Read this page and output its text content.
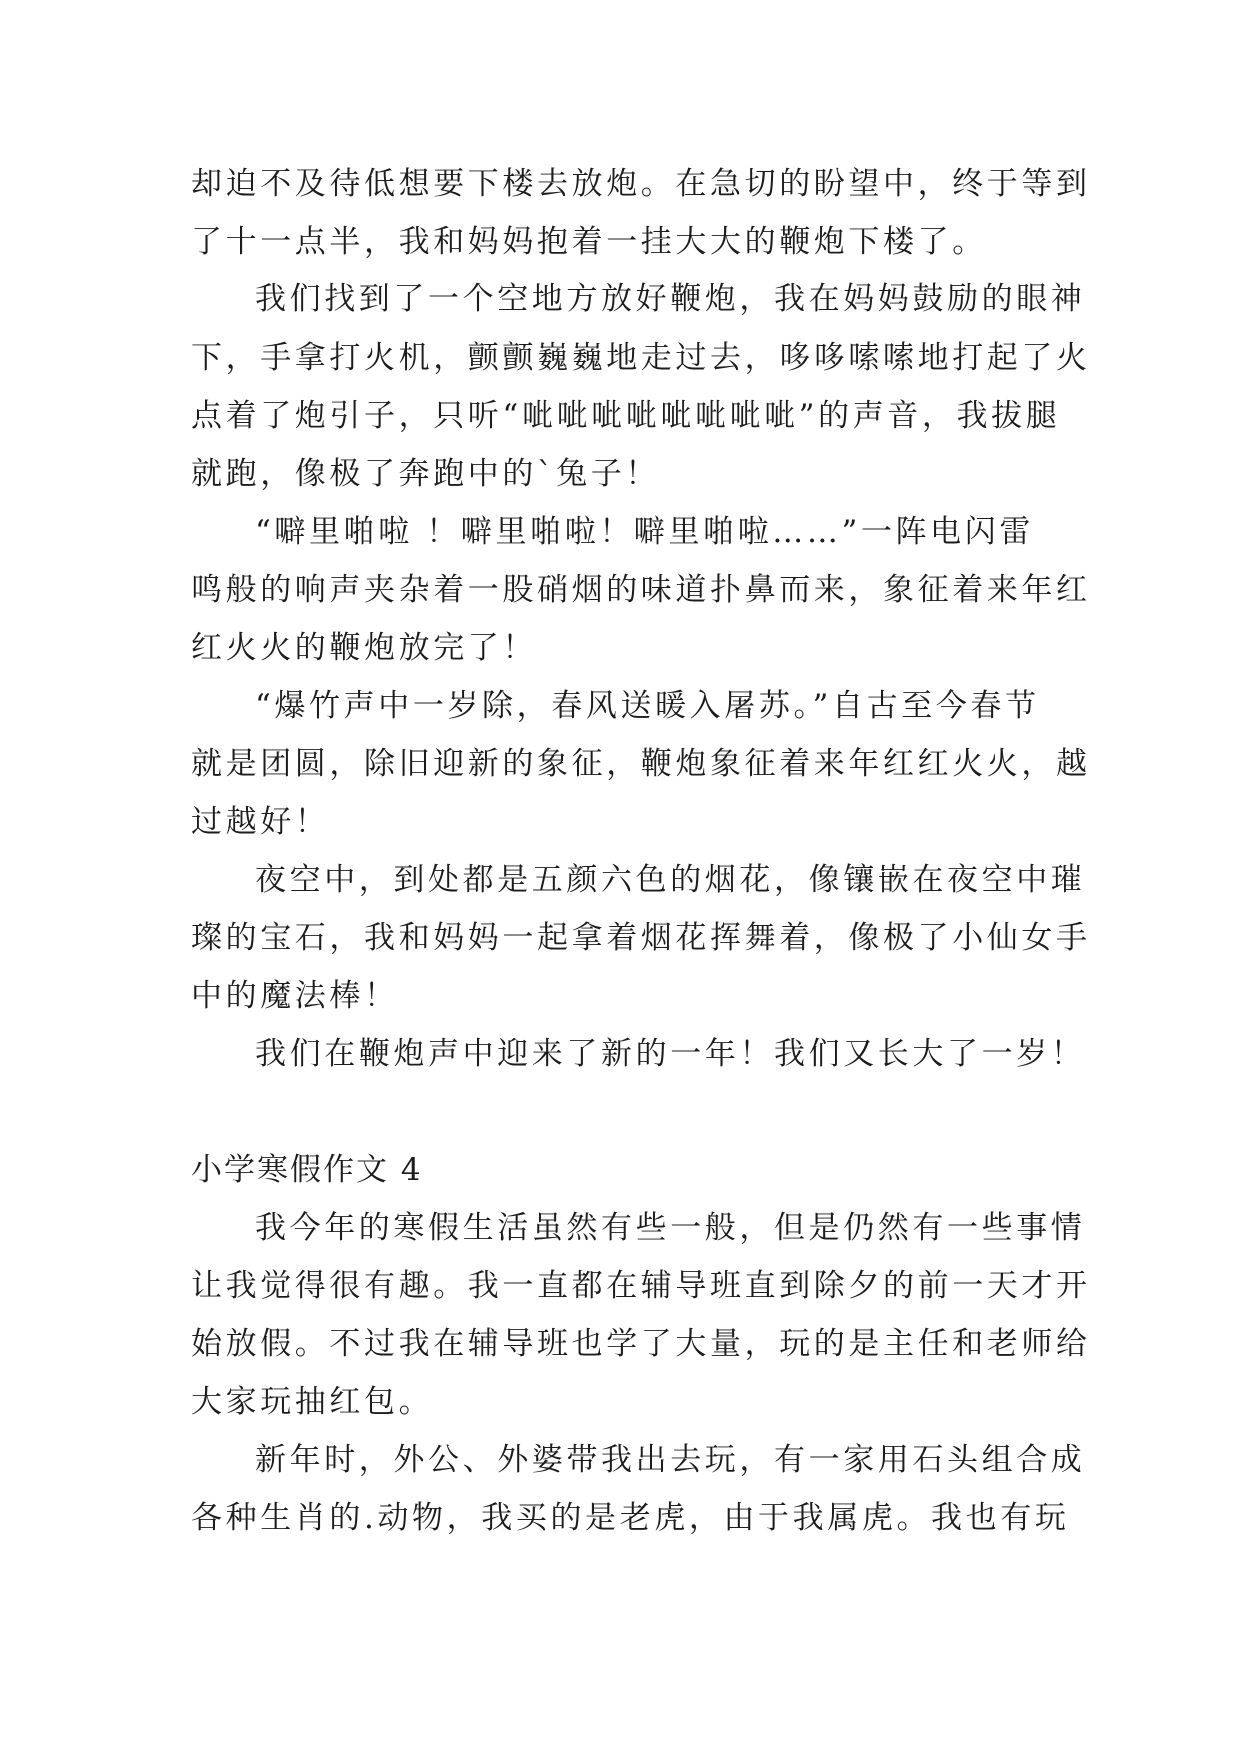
却迫不及待低想要下楼去放炮。在急切的盼望中，终于等到

了十一点半，我和妈妈抱着一挂大大的鞭炮下楼了。

我们找到了一个空地方放好鞭炮，我在妈妈鼓励的眼神

下，手拿打火机，颤颤巍巍地走过去，哆哆嗦嗦地打起了火

点着了炮引子，只听“呲呲呲呲呲呲呲呲”的声音，我拔腿

就跑，像极了奔跑中的`兔子！

“噼里啪啦 ！噼里啪啦！噼里啪啦……”一阵电闪雷

鸣般的响声夹杂着一股硝烟的味道扑鼻而来，象征着来年红

红火火的鞭炮放完了！

“爆竹声中一岁除，春风送暖入屠苏。”自古至今春节

就是团圆，除旧迎新的象征，鞭炮象征着来年红红火火，越

过越好！

夜空中，到处都是五颜六色的烟花，像镶嵌在夜空中璀

璨的宝石，我和妈妈一起拿着烟花挥舞着，像极了小仙女手

中的魔法棒！

我们在鞭炮声中迎来了新的一年！我们又长大了一岁！

小学寒假作文 4

我今年的寒假生活虽然有些一般，但是仍然有一些事情

让我觉得很有趣。我一直都在辅导班直到除夕的前一天才开

始放假。不过我在辅导班也学了大量，玩的是主任和老师给

大家玩抽红包。

新年时，外公、外婆带我出去玩，有一家用石头组合成

各种生肖的.动物，我买的是老虎，由于我属虎。我也有玩
